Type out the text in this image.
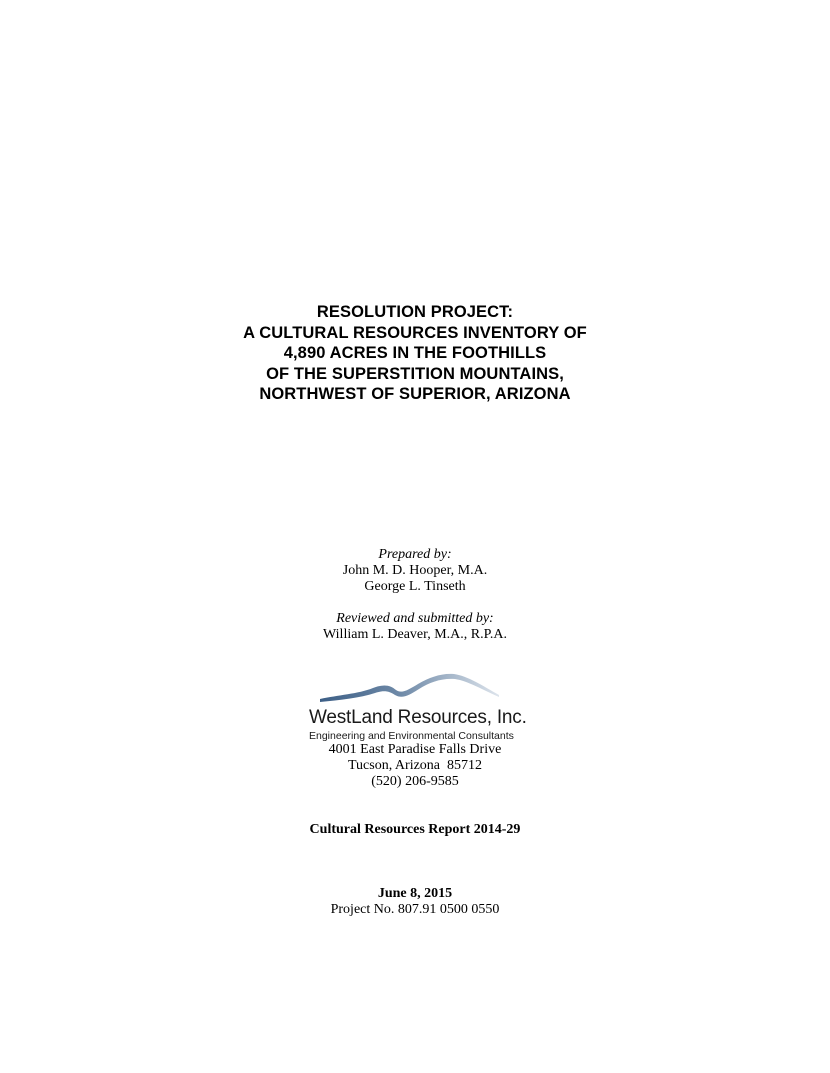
RESOLUTION PROJECT:
A CULTURAL RESOURCES INVENTORY OF
4,890 ACRES IN THE FOOTHILLS
OF THE SUPERSTITION MOUNTAINS,
NORTHWEST OF SUPERIOR, ARIZONA
Prepared by:
John M. D. Hooper, M.A.
George L. Tinseth
Reviewed and submitted by:
William L. Deaver, M.A., R.P.A.
WestLand Resources, Inc.
Engineering and Environmental Consultants
4001 East Paradise Falls Drive
Tucson, Arizona  85712
(520) 206-9585
Cultural Resources Report 2014-29
June 8, 2015
Project No. 807.91 0500 0550
